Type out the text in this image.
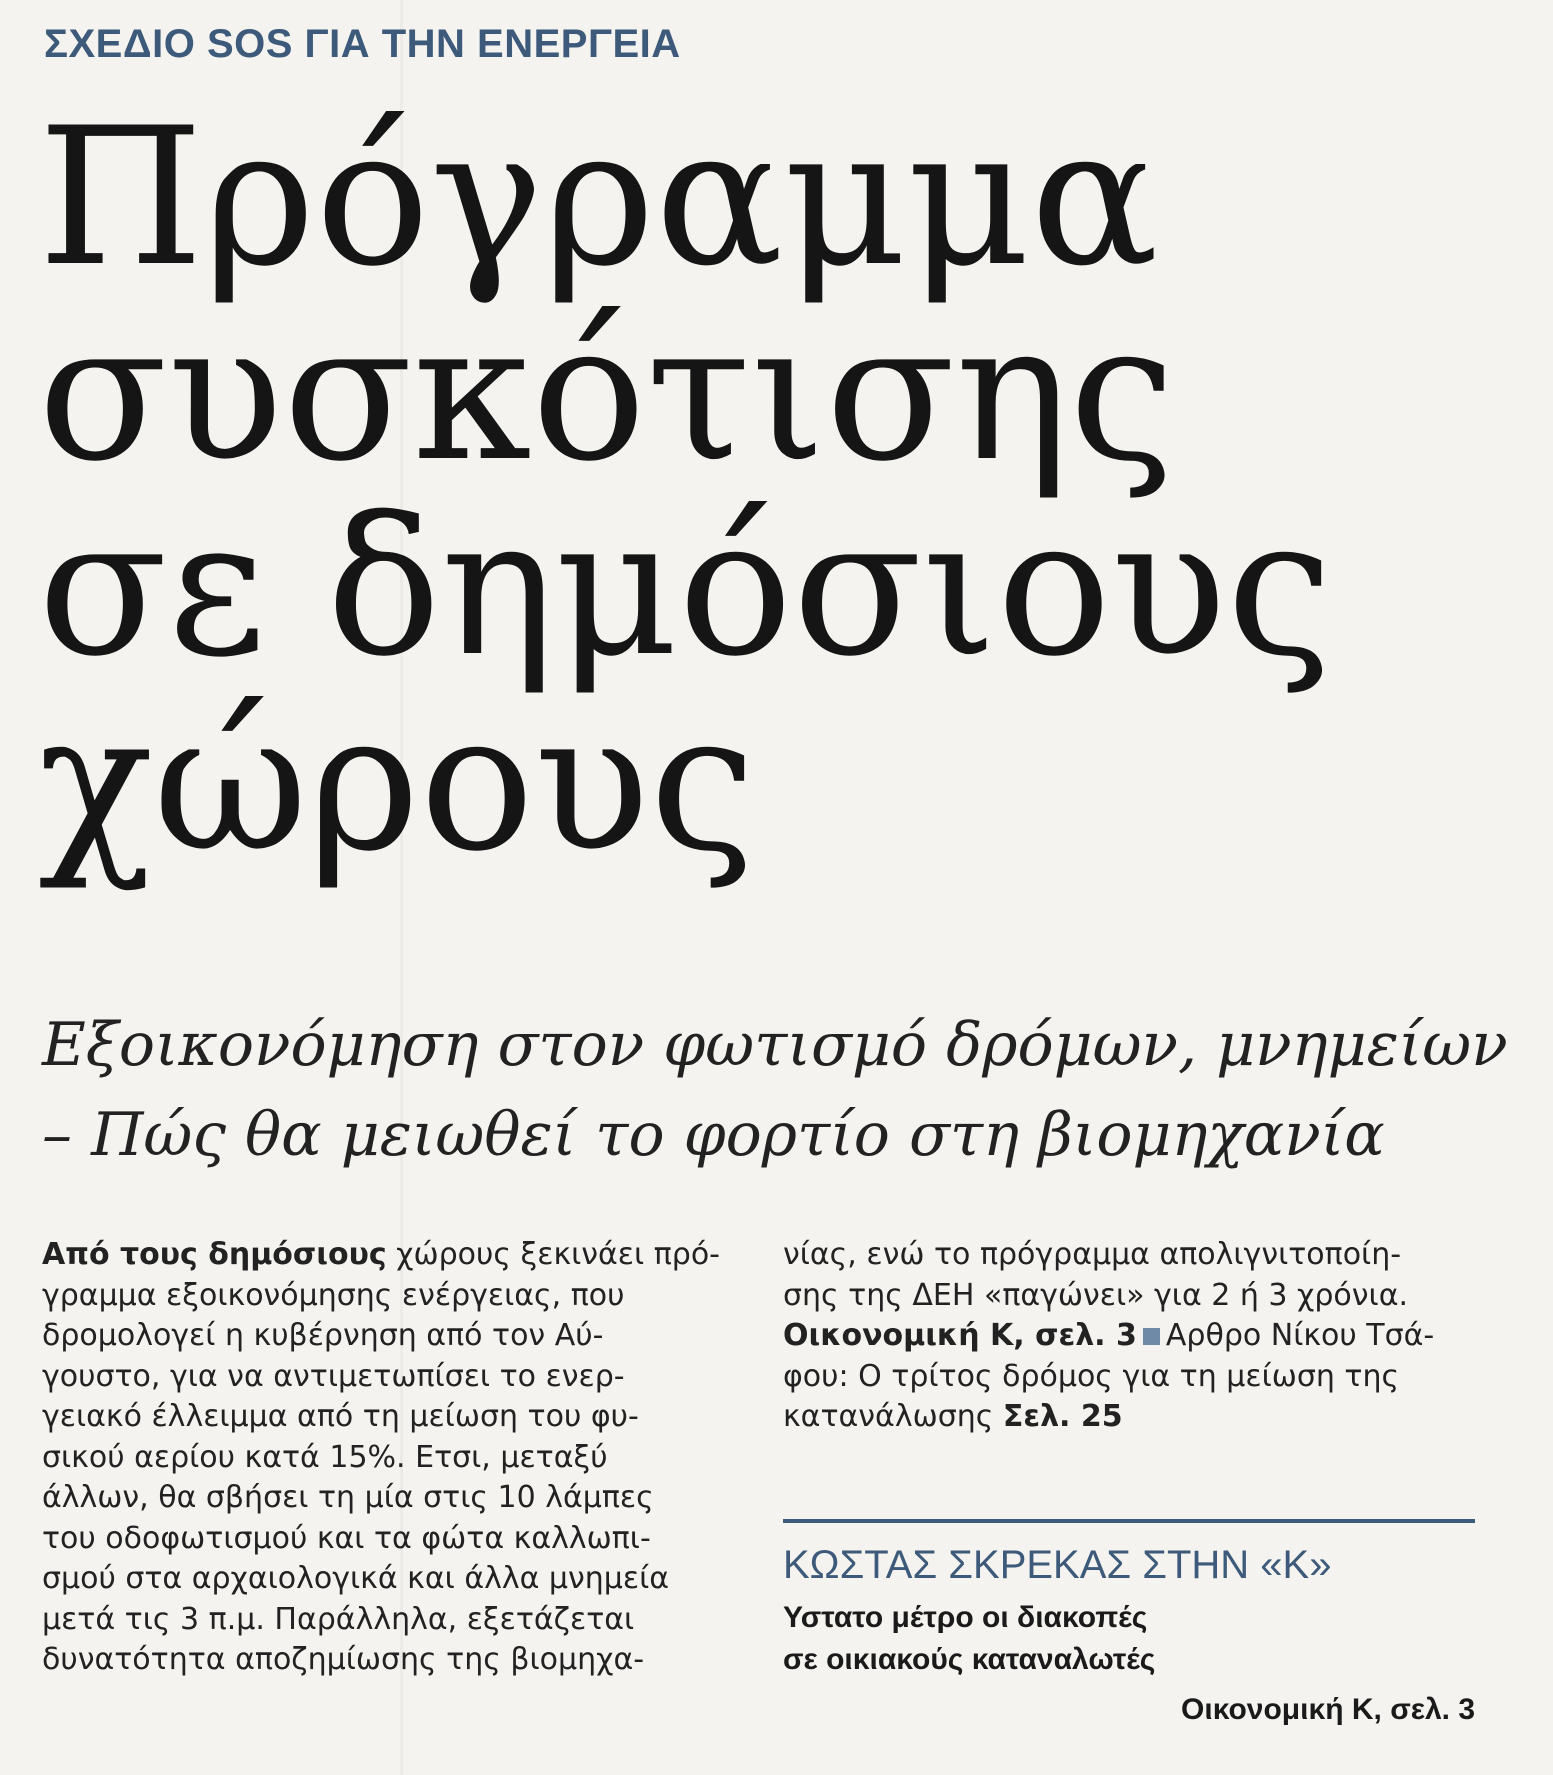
ΣΧΕΔΙΟ SOS ΓΙΑ ΤΗΝ ΕΝΕΡΓΕΙΑ
Πρόγραμμα
συσκότισης
σε δημόσιους
χώρους
Εξοικονόμηση στον φωτισμό δρόμων, μνημείων
– Πώς θα μειωθεί το φορτίο στη βιομηχανία
Από τους δημόσιους χώρους ξεκινάει πρό-
γραμμα εξοικονόμησης ενέργειας, που
δρομολογεί η κυβέρνηση από τον Αύ-
γουστο, για να αντιμετωπίσει το ενερ-
γειακό έλλειμμα από τη μείωση του φυ-
σικού αερίου κατά 15%. Ετσι, μεταξύ
άλλων, θα σβήσει τη μία στις 10 λάμπες
του οδοφωτισμού και τα φώτα καλλωπι-
σμού στα αρχαιολογικά και άλλα μνημεία
μετά τις 3 π.μ. Παράλληλα, εξετάζεται
δυνατότητα αποζημίωσης της βιομηχα-
νίας, ενώ το πρόγραμμα απολιγνιτοποίη-
σης της ΔΕΗ «παγώνει» για 2 ή 3 χρόνια.
Οικονομική Κ, σελ. 3 Αρθρο Νίκου Τσά-
φου: Ο τρίτος δρόμος για τη μείωση της
κατανάλωσης Σελ. 25
ΚΩΣΤΑΣ ΣΚΡΕΚΑΣ ΣΤΗΝ «Κ»
Υστατο μέτρο οι διακοπές
σε οικιακούς καταναλωτές
Οικονομική Κ, σελ. 3
